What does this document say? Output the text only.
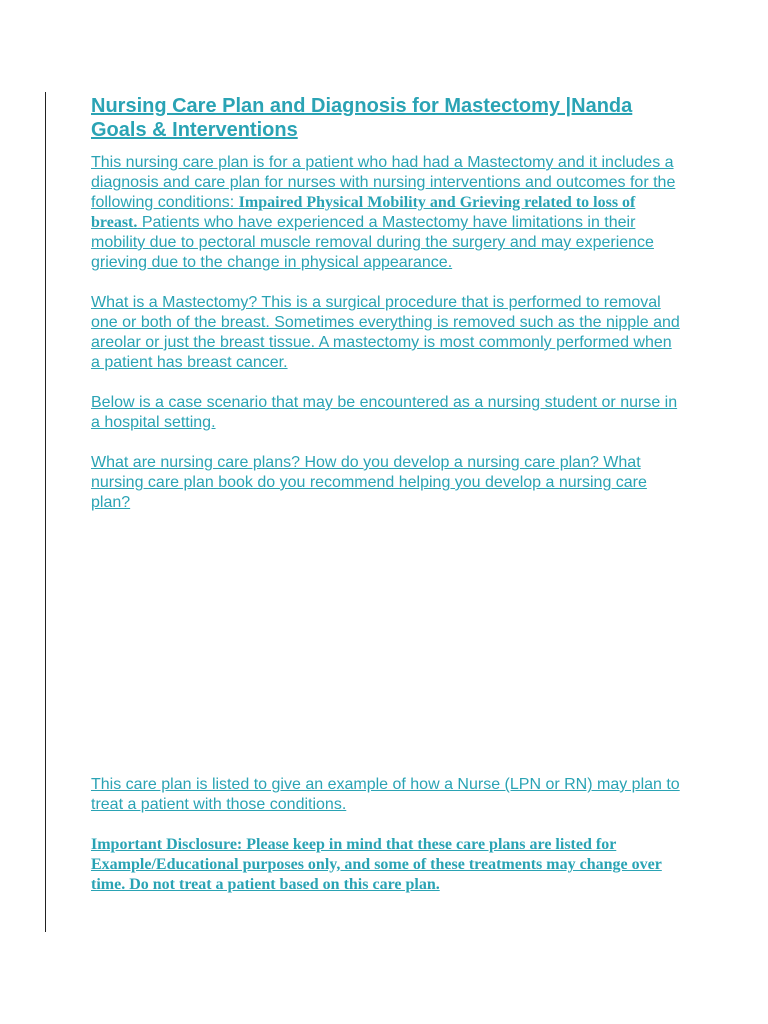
Nursing Care Plan and Diagnosis for Mastectomy |Nanda Goals & Interventions

This nursing care plan is for a patient who had had a Mastectomy and it includes a diagnosis and care plan for nurses with nursing interventions and outcomes for the following conditions: Impaired Physical Mobility and Grieving related to loss of breast. Patients who have experienced a Mastectomy have limitations in their mobility due to pectoral muscle removal during the surgery and may experience grieving due to the change in physical appearance.

What is a Mastectomy? This is a surgical procedure that is performed to removal one or both of the breast. Sometimes everything is removed such as the nipple and areolar or just the breast tissue. A mastectomy is most commonly performed when a patient has breast cancer.

Below is a case scenario that may be encountered as a nursing student or nurse in a hospital setting.

What are nursing care plans? How do you develop a nursing care plan? What nursing care plan book do you recommend helping you develop a nursing care plan?

This care plan is listed to give an example of how a Nurse (LPN or RN) may plan to treat a patient with those conditions.

Important Disclosure: Please keep in mind that these care plans are listed for Example/Educational purposes only, and some of these treatments may change over time. Do not treat a patient based on this care plan.
